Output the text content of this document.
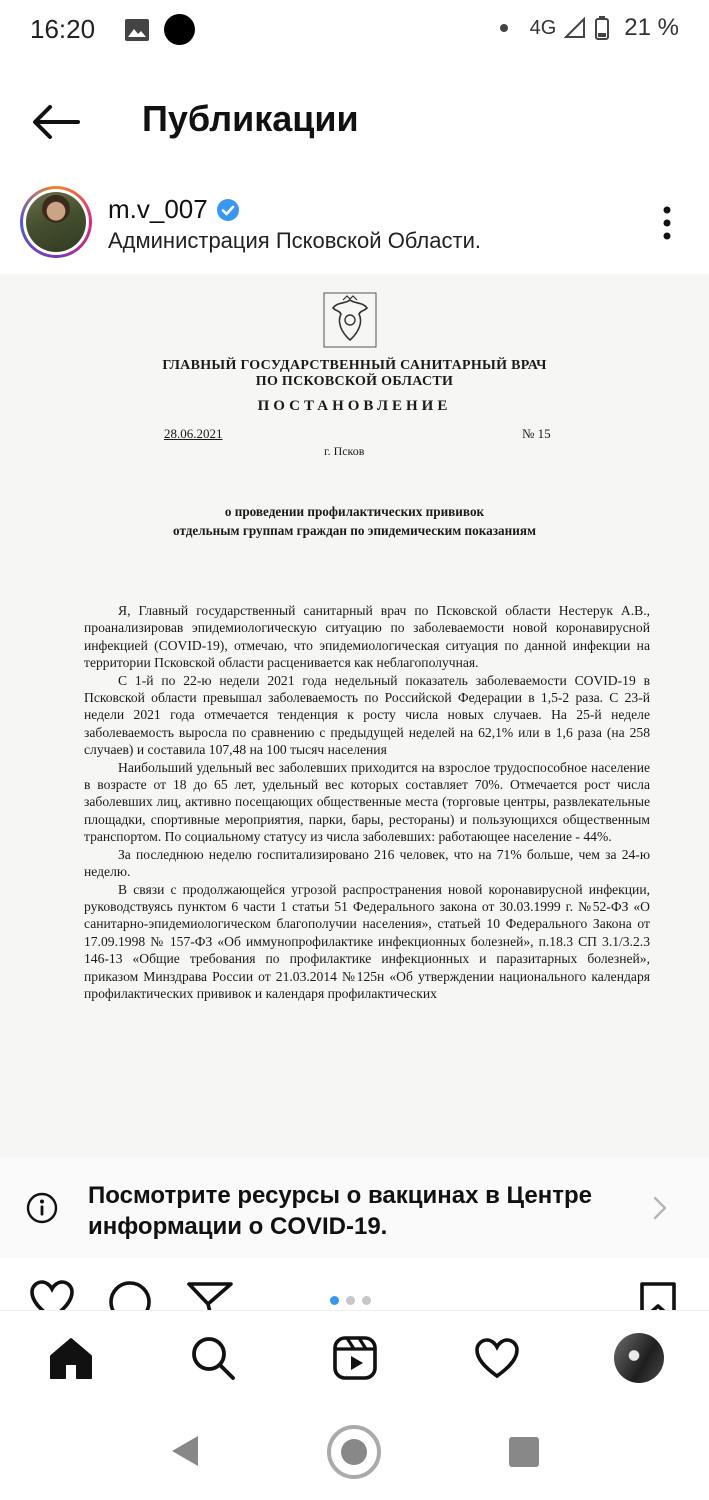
16:20	4G	21 %
Публикации
m.v_007
Администрация Псковской Области.
ГЛАВНЫЙ ГОСУДАРСТВЕННЫЙ САНИТАРНЫЙ ВРАЧ
ПО ПСКОВСКОЙ ОБЛАСТИ
ПОСТАНОВЛЕНИЕ
28.06.2021	№ 15
г. Псков
о проведении профилактических прививок
отдельным группам граждан по эпидемическим показаниям

Я, Главный государственный санитарный врач по Псковской области Нестерук А.В., проанализировав эпидемиологическую ситуацию по заболеваемости новой коронавирусной инфекцией (COVID-19), отмечаю, что эпидемиологическая ситуация по данной инфекции на территории Псковской области расценивается как неблагополучная.

С 1-й по 22-ю недели 2021 года недельный показатель заболеваемости COVID-19 в Псковской области превышал заболеваемость по Российской Федерации в 1,5-2 раза. С 23-й недели 2021 года отмечается тенденция к росту числа новых случаев. На 25-й неделе заболеваемость выросла по сравнению с предыдущей неделей на 62,1% или в 1,6 раза (на 258 случаев) и составила 107,48 на 100 тысяч населения

Наибольший удельный вес заболевших приходится на взрослое трудоспособное население в возрасте от 18 до 65 лет, удельный вес которых составляет 70%. Отмечается рост числа заболевших лиц, активно посещающих общественные места (торговые центры, развлекательные площадки, спортивные мероприятия, парки, бары, рестораны) и пользующихся общественным транспортом. По социальному статусу из числа заболевших: работающее население - 44%.

За последнюю неделю госпитализировано 216 человек, что на 71% больше, чем за 24-ю неделю.

В связи с продолжающейся угрозой распространения новой коронавирусной инфекции, руководствуясь пунктом 6 части 1 статьи 51 Федерального закона от 30.03.1999 г. №52-ФЗ «О санитарно-эпидемиологическом благополучии населения», статьей 10 Федерального Закона от 17.09.1998 № 157-ФЗ «Об иммунопрофилактике инфекционных болезней», п.18.3 СП 3.1/3.2.3 146-13 «Общие требования по профилактике инфекционных и паразитарных болезней», приказом Минздрава России от 21.03.2014 №125н «Об утверждении национального календаря профилактических прививок и календаря профилактических

Посмотрите ресурсы о вакцинах в Центре информации о COVID-19.
